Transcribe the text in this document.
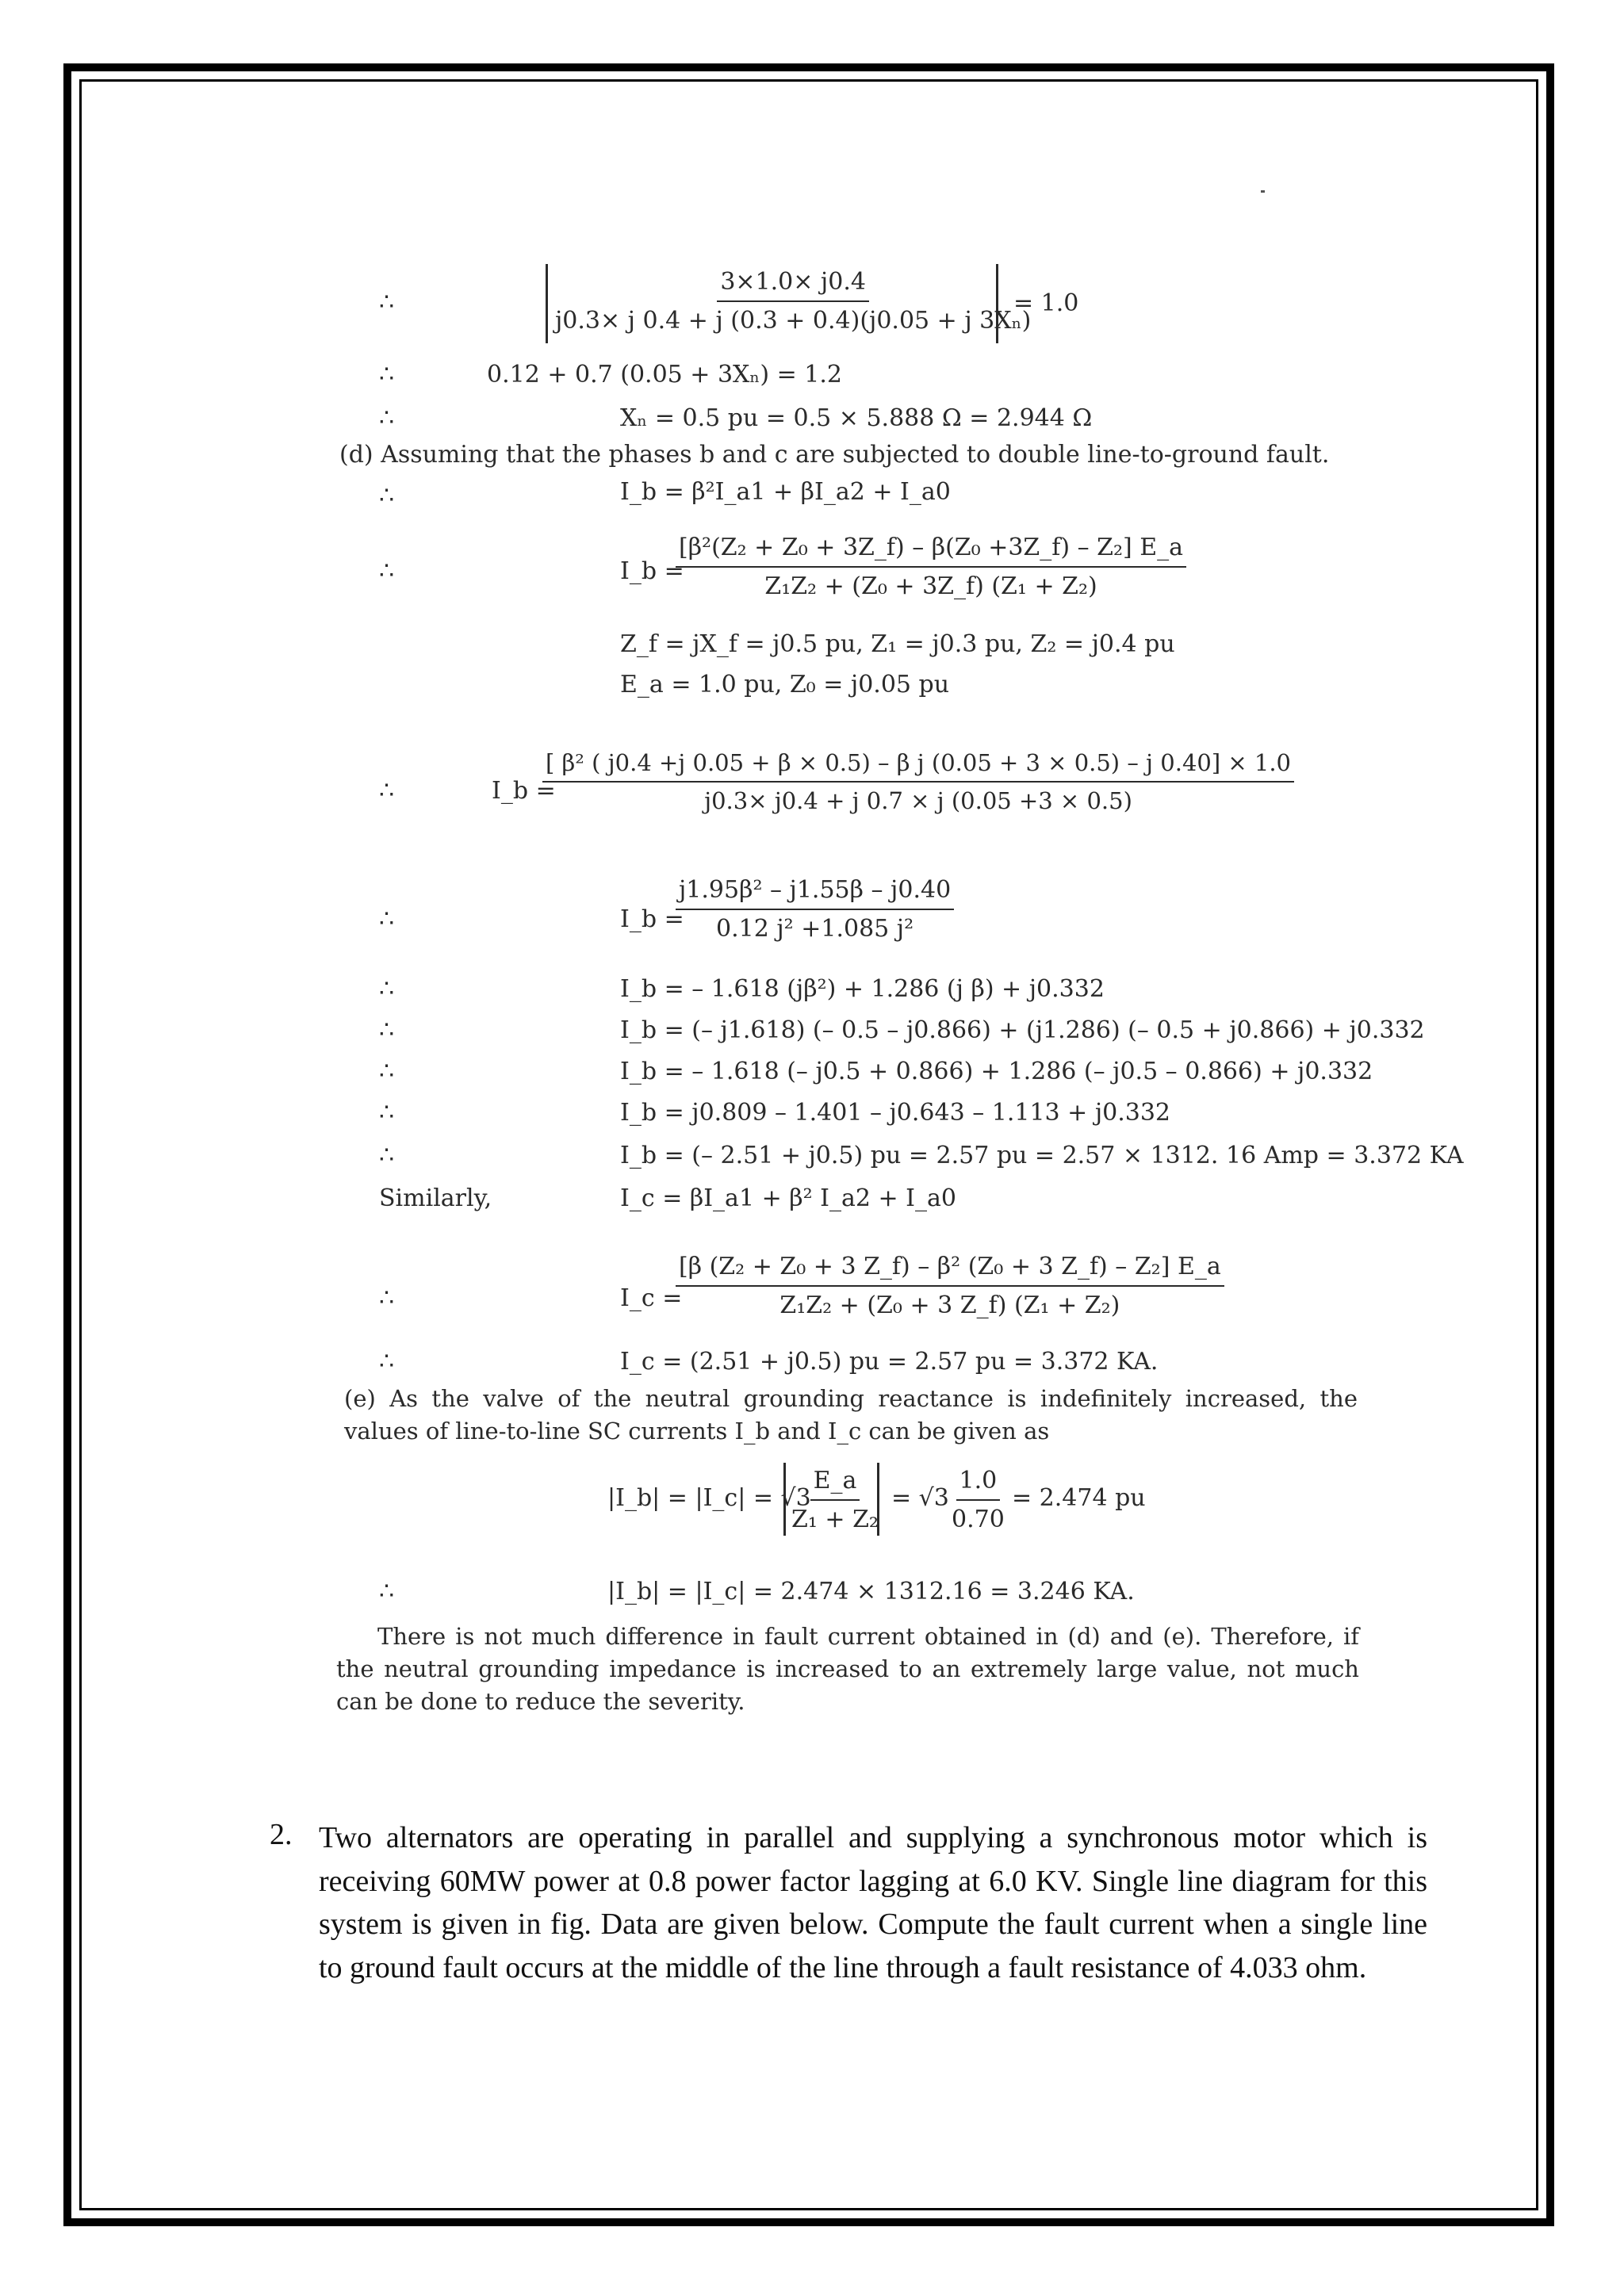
∴
∴
∴
∴
∴
∴
∴
∴
∴
∴
∴
∴
∴
∴
∴
$\frac{3\times 1.0\times j0.4}{\text{j0.3× j 0.4 + j (0.3 + 0.4)(j0.05 + j 3Xₙ)}}$
= 1.0
0.12 + 0.7 (0.05 + 3Xₙ) = 1.2
Xₙ = 0.5 pu = 0.5 × 5.888 Ω = 2.944 Ω
(d) Assuming that the phases b and c are subjected to double line-to-ground fault.
I_b = β²I_a1 + βI_a2 + I_a0
I_b =
$\frac{\text{[β²(Z₂ + Z₀ + 3Z\_f) – β(Z₀ +3Z\_f) – Z₂] E\_a}}{\text{Z₁Z₂ + (Z₀ + 3Z\_f) (Z₁ + Z₂)}}$
Z_f = jX_f = j0.5 pu, Z₁ = j0.3 pu, Z₂ = j0.4 pu
E_a = 1.0 pu, Z₀ = j0.05 pu
I_b =
[ β² ( j0.4 +j 0.05 + β × 0.5) – β j (0.05 + 3 × 0.5) – j 0.40] × 1.0
j0.3× j0.4 + j 0.7 × j (0.05 +3 × 0.5)
I_b =
$\frac{\text{j1.95β² – j1.55β – j0.40}}{\text{0.12 j² +1.085 j²}}$
I_b = – 1.618 (jβ²) + 1.286 (j β) + j0.332
I_b = (– j1.618) (– 0.5 – j0.866) + (j1.286) (– 0.5 + j0.866) + j0.332
I_b = – 1.618 (– j0.5 + 0.866) + 1.286 (– j0.5 – 0.866) + j0.332
I_b = j0.809 – 1.401 – j0.643 – 1.113 + j0.332
I_b = (– 2.51 + j0.5) pu = 2.57 pu = 2.57 × 1312. 16 Amp = 3.372 KA
Similarly,	I_c = βI_a1 + β² I_a2 + I_a0
I_c =
$\frac{\text{[β (Z₂ + Z₀ + 3 Z\_f) – β² (Z₀ + 3 Z\_f) – Z₂] E\_a}}{\text{Z₁Z₂ + (Z₀ + 3 Z\_f) (Z₁ + Z₂)}}$
I_c = (2.51 + j0.5) pu = 2.57 pu = 3.372 KA.
(e) As the valve of the neutral grounding reactance is indefinitely increased, the values of line-to-line SC currents I_b and I_c can be given as
|I_b| = |I_c| = √3
$\frac{E\_a}{\text{Z₁ + Z₂}} = √3 \frac{1.0}{0.70} = 2.474$ pu
|I_b| = |I_c| = 2.474 × 1312.16 = 3.246 KA.
There is not much difference in fault current obtained in (d) and (e). Therefore, if the neutral grounding impedance is increased to an extremely large value, not much can be done to reduce the severity.
2. Two alternators are operating in parallel and supplying a synchronous motor which is receiving 60MW power at 0.8 power factor lagging at 6.0 KV. Single line diagram for this system is given in fig. Data are given below. Compute the fault current when a single line to ground fault occurs at the middle of the line through a fault resistance of 4.033 ohm.
